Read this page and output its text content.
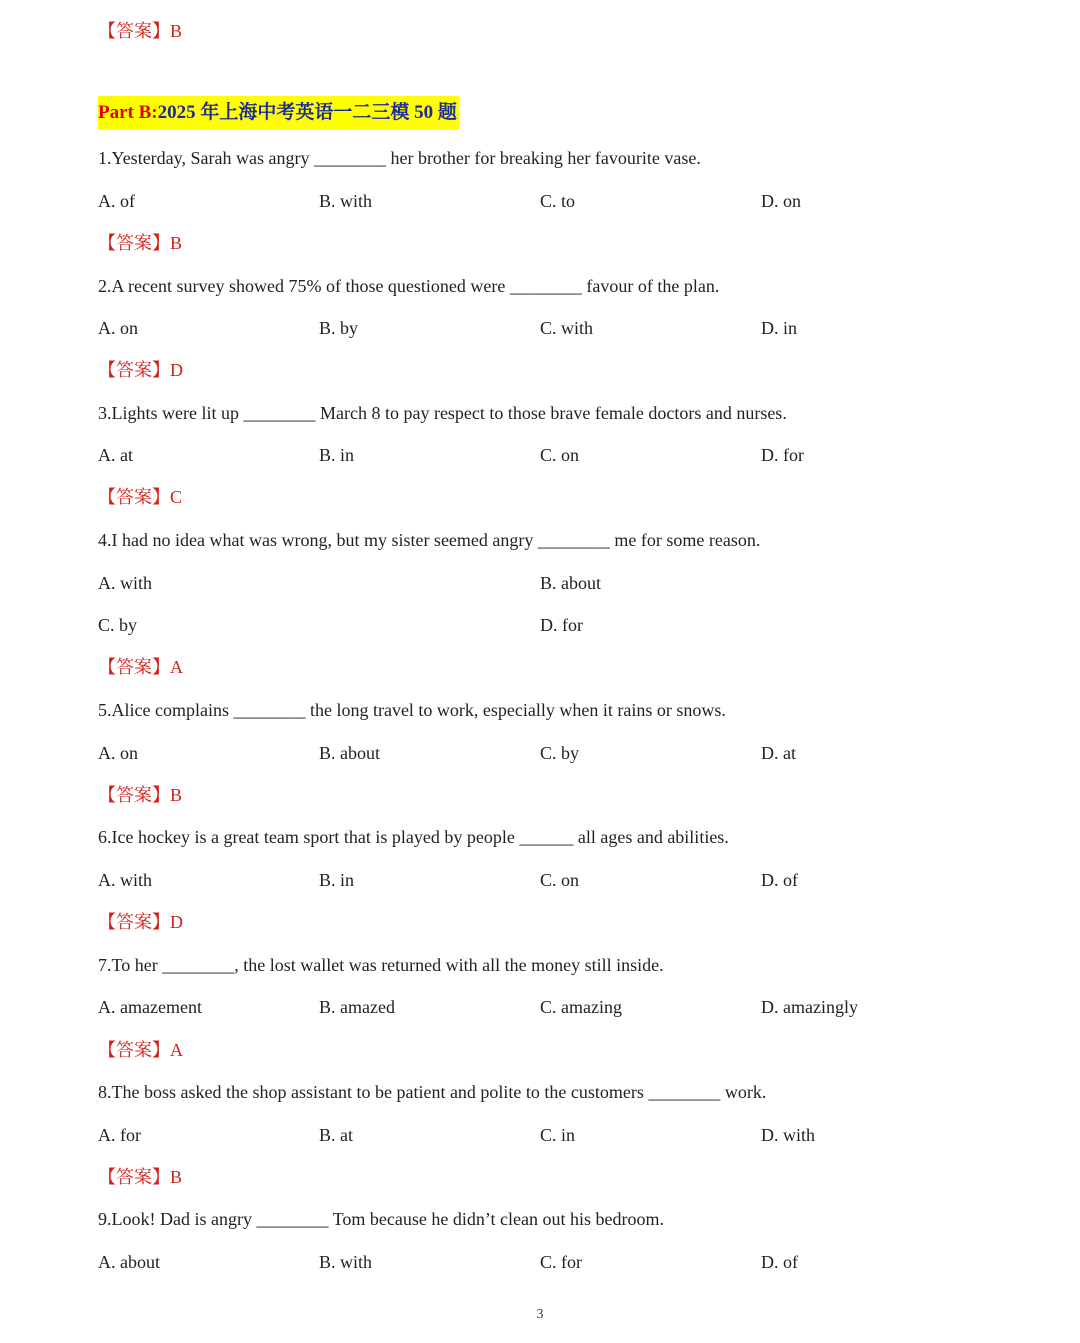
【答案】B
Part B:2025 年上海中考英语一二三模 50 题
1.Yesterday, Sarah was angry ________ her brother for breaking her favourite vase.
A. of	B. with	C. to	D. on
【答案】B
2.A recent survey showed 75% of those questioned were ________ favour of the plan.
A. on	B. by	C. with	D. in
【答案】D
3.Lights were lit up ________ March 8 to pay respect to those brave female doctors and nurses.
A. at	B. in	C. on	D. for
【答案】C
4.I had no idea what was wrong, but my sister seemed angry ________ me for some reason.
A. with	B. about
C. by	D. for
【答案】A
5.Alice complains ________ the long travel to work, especially when it rains or snows.
A. on	B. about	C. by	D. at
【答案】B
6.Ice hockey is a great team sport that is played by people ______ all ages and abilities.
A. with	B. in	C. on	D. of
【答案】D
7.To her ________, the lost wallet was returned with all the money still inside.
A. amazement	B. amazed	C. amazing	D. amazingly
【答案】A
8.The boss asked the shop assistant to be patient and polite to the customers ________ work.
A. for	B. at	C. in	D. with
【答案】B
9.Look! Dad is angry ________ Tom because he didn’t clean out his bedroom.
A. about	B. with	C. for	D. of
3
